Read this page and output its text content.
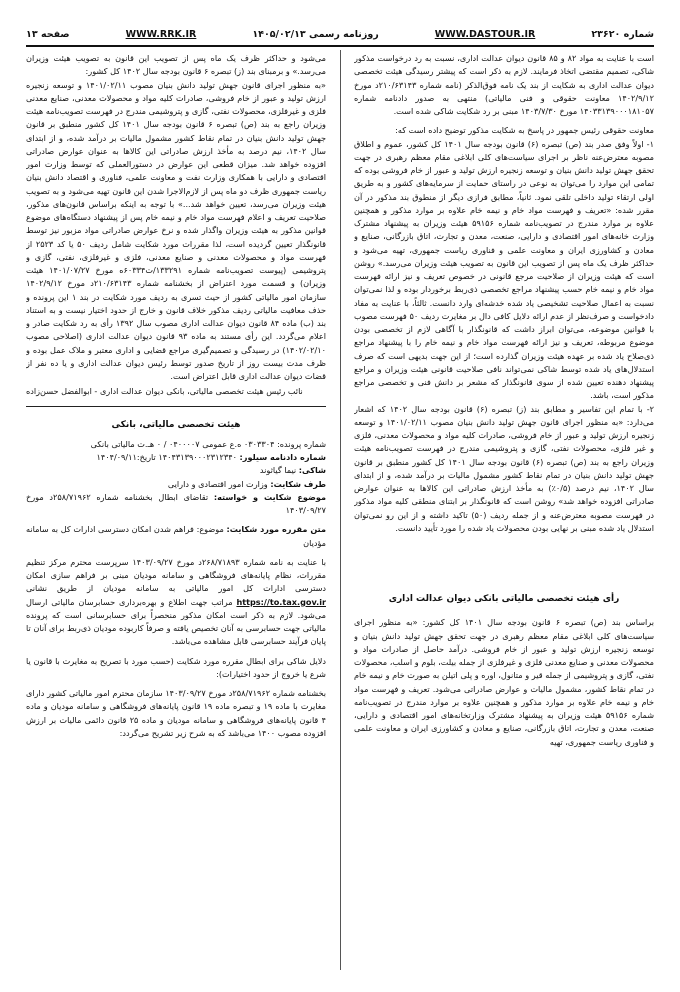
شماره ۲۳۶۲۰
WWW.DASTOUR.IR
روزنامه رسمی ۱۴۰۵/۰۲/۱۳
WWW.RRK.IR
صفحه ۱۳

است با عنایت به مواد ۸۲ و ۸۵ قانون دیوان عدالت اداری، نسبت به رد درخواست مذکور شاکی، تصمیم مقتضی اتخاذ فرمایند. لازم به ذکر است که پیشتر رسیدگی هیئت تخصصی دیوان عدالت اداری به شکایت از بند یک نامه فوق‌الذکر (نامه شماره ۲۱۰/۶۳۱۴۳د مورخ ۱۴۰۲/۹/۱۲ معاونت حقوقی و فنی مالیاتی) منتهی به صدور دادنامه شماره ۱۴۰۳۳۱۳۹۰۰۰۱۸۱۰۵۷ مورخ ۱۴۰۳/۷/۳۰ مبنی بر رد شکایت شاکی شده است.

معاونت حقوقی رئیس جمهور در پاسخ به شکایت مذکور توضیح داده است که:

۱- اولاً وفق صدر بند (ص) تبصره (۶) قانون بودجه سال ۱۴۰۱ کل کشور، عموم و اطلاق مصوبه معترض‌عنه ناظر بر اجرای سیاست‌های کلی ابلاغی مقام معظم رهبری در جهت تحقق جهش تولید دانش بنیان و توسعه زنجیره ارزش تولید و عبور از خام فروشی بوده که تمامی این موارد را می‌توان به نوعی در راستای حمایت از سرمایه‌های کشور و به طریق اولی ارتقاء تولید داخلی تلقی نمود. ثانیاً، مطابق فرازی دیگر از منطوق بند مذکور در آن مقرر شده: «تعریف و فهرست مواد خام و نیمه خام علاوه بر موارد مذکور و همچنین علاوه بر موارد مندرج در تصویب‌نامه شماره ۵۹۱۵۶ هیئت وزیران به پیشنهاد مشترک وزارت خانه‌های امور اقتصادی و دارایی، صنعت، معدن و تجارت، اتاق بازرگانی، صنایع و معادن و کشاورزی ایران و معاونت علمی و فناوری ریاست جمهوری، تهیه می‌شود و حداکثر ظرف یک ماه پس از تصویب این قانون به تصویب هیئت وزیران می‌رسد.» روشن است که هیئت وزیران از صلاحیت مرجع قانونی در خصوص تعریف و نیز ارائه فهرست مواد خام و نیمه خام حسب پیشنهاد مراجع تخصصی ذی‌ربط برخوردار بوده و لذا نمی‌توان نسبت به اعمال صلاحیت تشخیصی یاد شده خدشه‌ای وارد دانست. ثالثاً، با عنایت به مفاد دادخواست و صرف‌نظر از عدم ارائه دلایل کافی دال بر مغایرت ردیف ۵۰ فهرست مصوب با قوانین موضوعه، می‌توان ابراز داشت که قانونگذار با آگاهی لازم از تخصصی بودن موضوع مربوطه، تعریف و نیز ارائه فهرست مواد خام و نیمه خام را با پیشنهاد مراجع ذی‌صلاح یاد شده بر عهده هیئت وزیران گذارده است؛ از این جهت بدیهی است که صرف استدلال‌های یاد شده توسط شاکی نمی‌تواند نافی صلاحیت قانونی هیئت وزیران و مراجع پیشنهاد دهنده تعیین شده از سوی قانونگذار که مشعر بر دانش فنی و تخصصی مراجع مذکور است، باشد.

۲- با تمام این تفاسیر و مطابق بند (ز) تبصره (۶) قانون بودجه سال ۱۴۰۲ که اشعار می‌دارد: «به منظور اجرای قانون جهش تولید دانش بنیان مصوب ۱۴۰۱/۰۲/۱۱ و توسعه زنجیره ارزش تولید و عبور از خام فروشی، صادرات کلیه مواد و محصولات معدنی، فلزی و غیر فلزی، محصولات نفتی، گازی و پتروشیمی مندرج در فهرست تصویب‌نامه هیئت وزیران راجع به بند (ص) تبصره (۶) قانون بودجه سال ۱۴۰۱ کل کشور منطبق بر قانون جهش تولید دانش بنیان در تمام نقاط کشور مشمول مالیات بر درآمد شده، و از ابتدای سال ۱۴۰۲، نیم درصد (۰/۵٪) به مأخذ ارزش صادراتی این کالاها به عنوان عوارض صادراتی افزوده خواهد شد» روشن است که قانونگذار بر ابتنای منطقی کلیه مواد مذکور در فهرست مصوبه معترض‌عنه و از جمله ردیف (۵۰) تاکید داشته و از این رو نمی‌توان استدلال یاد شده مبنی بر نهایی بودن محصولات یاد شده را مورد تأیید دانست.

رأی هیئت تخصصی مالیاتی بانکی دیوان عدالت اداری

براساس بند (ص) تبصره ۶ قانون بودجه سال ۱۴۰۱ کل کشور: «به منظور اجرای سیاست‌های کلی ابلاغی مقام معظم رهبری در جهت تحقق جهش تولید دانش بنیان و توسعه زنجیره ارزش تولید و عبور از خام فروشی. درآمد حاصل از صادرات مواد و محصولات معدنی و صنایع معدنی فلزی و غیرفلزی از جمله بیلت، بلوم و اسلب، محصولات نفتی، گازی و پتروشیمی از جمله قیر و متانول، اوره و پلی اتیلن به صورت خام و نیمه خام در تمام نقاط کشور، مشمول مالیات و عوارض صادراتی می‌شود. تعریف و فهرست مواد خام و نیمه خام علاوه بر موارد مذکور و همچنین علاوه بر موارد مندرج در تصویب‌نامه شماره ۵۹۱۵۶ هیئت وزیران به پیشنهاد مشترک وزارتخانه‌های امور اقتصادی و دارایی، صنعت، معدن و تجارت، اتاق بازرگانی، صنایع و معادن و کشاورزی ایران و معاونت علمی و فناوری ریاست جمهوری، تهیه

می‌شود و حداکثر ظرف یک ماه پس از تصویب این قانون به تصویب هیئت وزیران می‌رسد.» و برمبنای بند (ز) تبصره ۶ قانون بودجه سال ۱۴۰۲ کل کشور:

«به منظور اجرای قانون جهش تولید دانش بنیان مصوب ۱۴۰۱/۰۲/۱۱ و توسعه زنجیره ارزش تولید و عبور از خام فروشی، صادرات کلیه مواد و محصولات معدنی، صنایع معدنی فلزی و غیرفلزی، محصولات نفتی، گازی و پتروشیمی مندرج در فهرست تصویب‌نامه هیئت وزیران راجع به بند (ص) تبصره ۶ قانون بودجه سال ۱۴۰۱ کل کشور منطبق بر قانون جهش تولید دانش بنیان در تمام نقاط کشور مشمول مالیات بر درآمد شده، و از ابتدای سال ۱۴۰۲، نیم درصد به مأخذ ارزش صادراتی این کالاها به عنوان عوارض صادراتی افزوده خواهد شد. میزان قطعی این عوارض در دستورالعملی که توسط وزارت امور اقتصادی و دارایی با همکاری وزارت نفت و معاونت علمی، فناوری و اقتصاد دانش بنیان ریاست جمهوری ظرف دو ماه پس از لازم‌الاجرا شدن این قانون تهیه می‌شود و به تصویب هیئت وزیران می‌رسد، تعیین خواهد شد...» با توجه به اینکه براساس قانون‌های مذکور، صلاحیت تعریف و اعلام فهرست مواد خام و نیمه خام پس از پیشنهاد دستگاه‌های موضوع قوانین مذکور به هیئت وزیران واگذار شده و نرخ عوارض صادراتی مواد مزبور نیز توسط قانونگذار تعیین گردیده است، لذا مقررات مورد شکایت شامل ردیف ۵۰ یا کد ۲۵۲۳ از فهرست مواد و محصولات معدنی و صنایع معدنی، فلزی و غیرفلزی، نفتی، گازی و پتروشیمی (پیوست تصویب‌نامه شماره ۱۳۳۲۹۱/ت۶۰۳۳۴ه مورخ ۱۴۰۱/۰۷/۲۷ هیئت وزیران) و قسمت مورد اعتراض از بخشنامه شماره ۲۱۰/۶۳۱۴۳د مورخ ۱۴۰۲/۹/۱۲ سازمان امور مالیاتی کشور از حیث تسری به ردیف مورد شکایت در بند ۱ این پرونده و حذف معافیت مالیاتی ردیف مذکور خلاف قانون و خارج از حدود اختیار نیست و به استناد بند (ب) ماده ۸۴ قانون دیوان عدالت اداری مصوب سال ۱۳۹۲ رأی به رد شکایت صادر و اعلام می‌گردد. این رأی مستند به ماده ۹۳ قانون دیوان عدالت اداری (اصلاحی مصوب ۱۴۰۲/۰۲/۱۰) در رسیدگی و تصمیم‌گیری مراجع قضایی و اداری معتبر و ملاک عمل بوده و ظرف مدت بیست روز از تاریخ صدور توسط رئیس دیوان عدالت اداری و یا ده نفر از قضات دیوان عدالت اداری قابل اعتراض است.

نائب رئیس هیئت تخصصی مالیاتی، بانکی دیوان عدالت اداری - ابوالفضل حسن‌زاده

هیئت تخصصی مالیاتی، بانکی

شماره پرونده: ۰۳۰۳۳۰۴ ه.ع عمومی ۰۴۰۰۰۰۷ / ۰ هـ.ت مالیاتی بانکی

شماره دادنامه سیلور: ۱۴۰۴۳۱۳۹۰۰۰۲۳۱۲۳۴۰ تاریخ:۱۴۰۴/۰۹/۱۱

شاکی: نیما گیاثوند

طرف شکایت: وزارت امور اقتصادی و دارایی

موضوع شکایت و خواسته: تقاضای ابطال بخشنامه شماره ۲۵۸/۷۱۹۶۲د مورخ ۱۴۰۳/۰۹/۲۷

متن مقرره مورد شکایت: موضوع: فراهم شدن امکان دسترسی ادارات کل به سامانه مؤدیان

با عنایت به نامه شماره ۲۶۸/۷۱۸۹۳د مورخ ۱۴۰۳/۰۹/۲۷ سرپرست محترم مرکز تنظیم مقررات، نظام پایانه‌های فروشگاهی و سامانه مودیان مبنی بر فراهم سازی امکان دسترسی ادارات کل امور مالیاتی به سامانه مودیان از طریق نشانی https://to.tax.gov.ir مراتب جهت اطلاع و بهره‌برداری حسابرسان مالیاتی ارسال می‌شود. لازم به ذکر است امکان مذکور منحصراً برای حسابرسانی است که پرونده مالیاتی جهت حسابرسی به آنان تخصیص یافته و صرفاً کاربوده مودیان ذی‌ربط برای آنان تا پایان فرآیند حسابرسی قابل مشاهده می‌باشد.

دلایل شاکی برای ابطال مقرره مورد شکایت (حسب مورد با تصریح به مغایرت با قانون یا شرع یا خروج از حدود اختیارات):

بخشنامه شماره ۲۵۸/۷۱۹۶۲د مورخ ۱۴۰۳/۰۹/۲۷ سازمان محترم امور مالیاتی کشور دارای مغایرت با ماده ۱۹ و تبصره ماده ۱۹ قانون پایانه‌های فروشگاهی و سامانه مودیان و ماده ۴ قانون پایانه‌های فروشگاهی و سامانه مودیان و ماده ۲۵ قانون دائمی مالیات بر ارزش افزوده مصوب ۱۴۰۰ می‌باشد که به شرح زیر تشریح می‌گردد:
